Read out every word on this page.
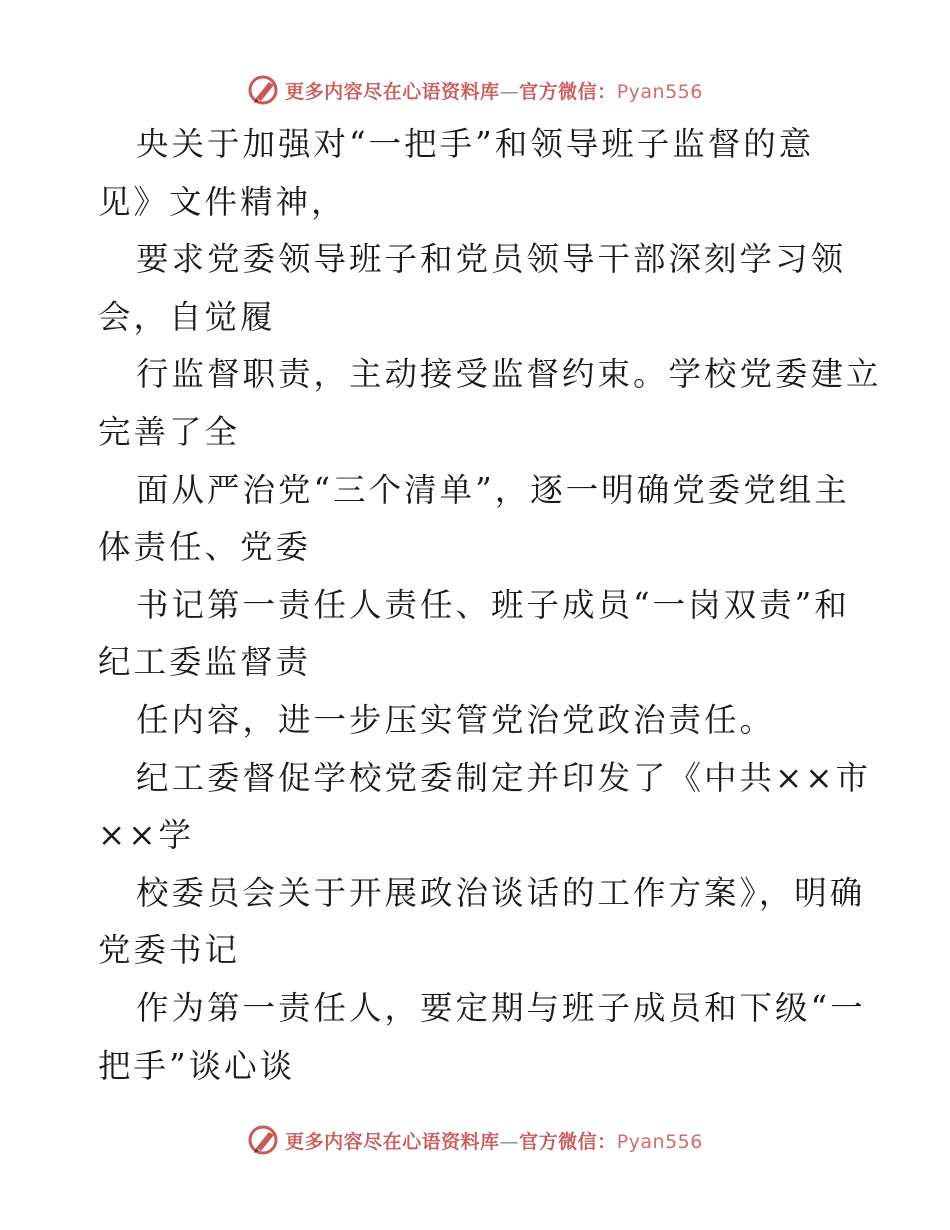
更多内容尽在心语资料库—官方微信：Pyan556
央关于加强对“一把手”和领导班子监督的意
见》文件精神，
要求党委领导班子和党员领导干部深刻学习领
会，自觉履
行监督职责，主动接受监督约束。学校党委建立
完善了全
面从严治党“三个清单”，逐一明确党委党组主
体责任、党委
书记第一责任人责任、班子成员“一岗双责”和
纪工委监督责
任内容，进一步压实管党治党政治责任。
纪工委督促学校党委制定并印发了《中共××市
××学
校委员会关于开展政治谈话的工作方案》，明确
党委书记
作为第一责任人，要定期与班子成员和下级“一
把手”谈心谈
更多内容尽在心语资料库—官方微信：Pyan556
